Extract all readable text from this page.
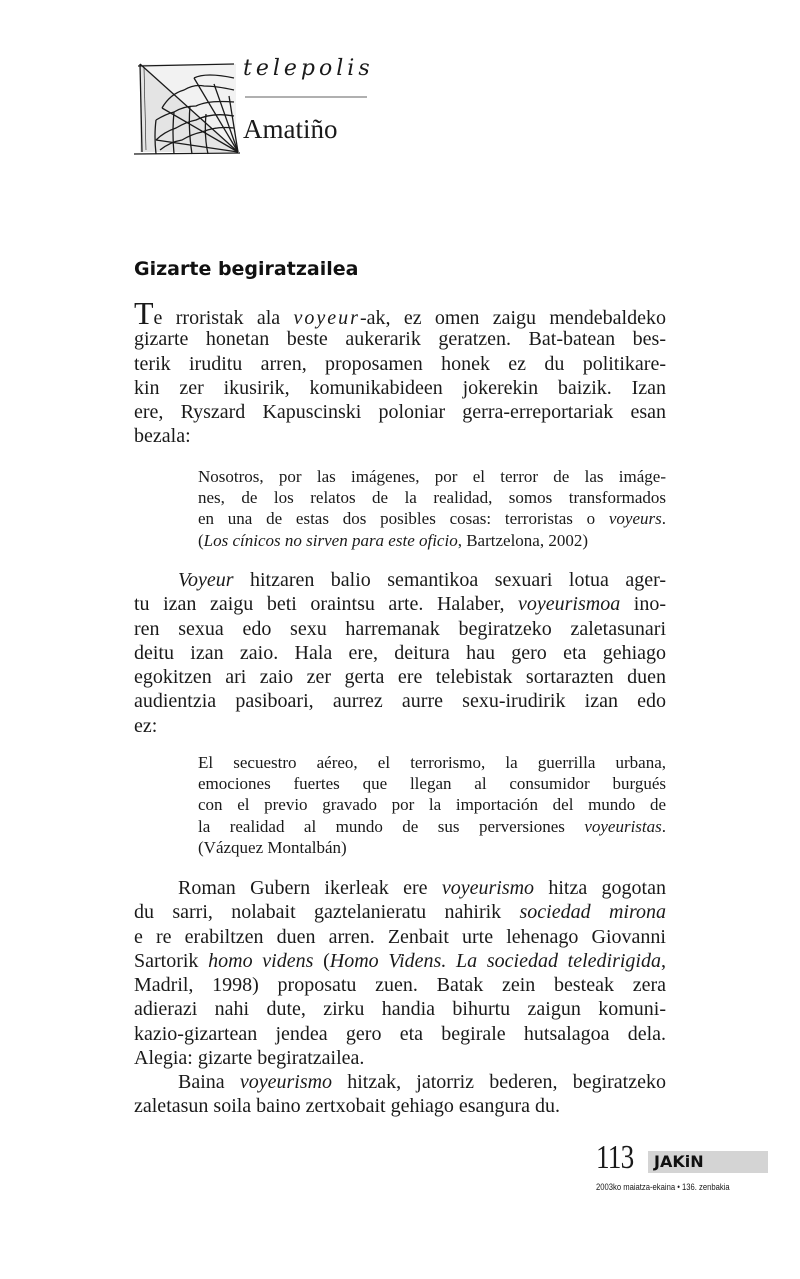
telepolis
Amatiño
Gizarte begiratzailea
Te rroristak ala voyeur-ak, ez omen zaigu mendebaldeko
gizarte honetan beste aukerarik geratzen. Bat-batean bes-
terik iruditu arren, proposamen honek ez du politikare-
kin zer ikusirik, komunikabideen jokerekin baizik. Izan
ere, Ryszard Kapuscinski poloniar gerra-erreportariak esan
bezala:
Nosotros, por las imágenes, por el terror de las imáge-
nes, de los relatos de la realidad, somos transformados
en una de estas dos posibles cosas: terroristas o voyeurs.
(Los cínicos no sirven para este oficio, Bartzelona, 2002)
Voyeur hitzaren balio semantikoa sexuari lotua ager-
tu izan zaigu beti oraintsu arte. Halaber, voyeurismoa ino-
ren sexua edo sexu harremanak begiratzeko zaletasunari
deitu izan zaio. Hala ere, deitura hau gero eta gehiago
egokitzen ari zaio zer gerta ere telebistak sortarazten duen
audientzia pasiboari, aurrez aurre sexu-irudirik izan edo
ez:
El secuestro aéreo, el terrorismo, la guerrilla urbana,
emociones fuertes que llegan al consumidor burgués
con el previo gravado por la importación del mundo de
la realidad al mundo de sus perversiones voyeuristas.
(Vázquez Montalbán)
Roman Gubern ikerleak ere voyeurismo hitza gogotan
du sarri, nolabait gaztelanieratu nahirik sociedad mirona
e re erabiltzen duen arren. Zenbait urte lehenago Giovanni
Sartorik homo videns (Homo Videns. La sociedad teledirigida,
Madril, 1998) proposatu zuen. Batak zein besteak zera
adierazi nahi dute, zirku handia bihurtu zaigun komuni-
kazio-gizartean jendea gero eta begirale hutsalagoa dela.
Alegia: gizarte begiratzailea.
Baina voyeurismo hitzak, jatorriz bederen, begiratzeko
zaletasun soila baino zertxobait gehiago esangura du.
113 JAKiN
2003ko maiatza-ekaina • 136. zenbakia
